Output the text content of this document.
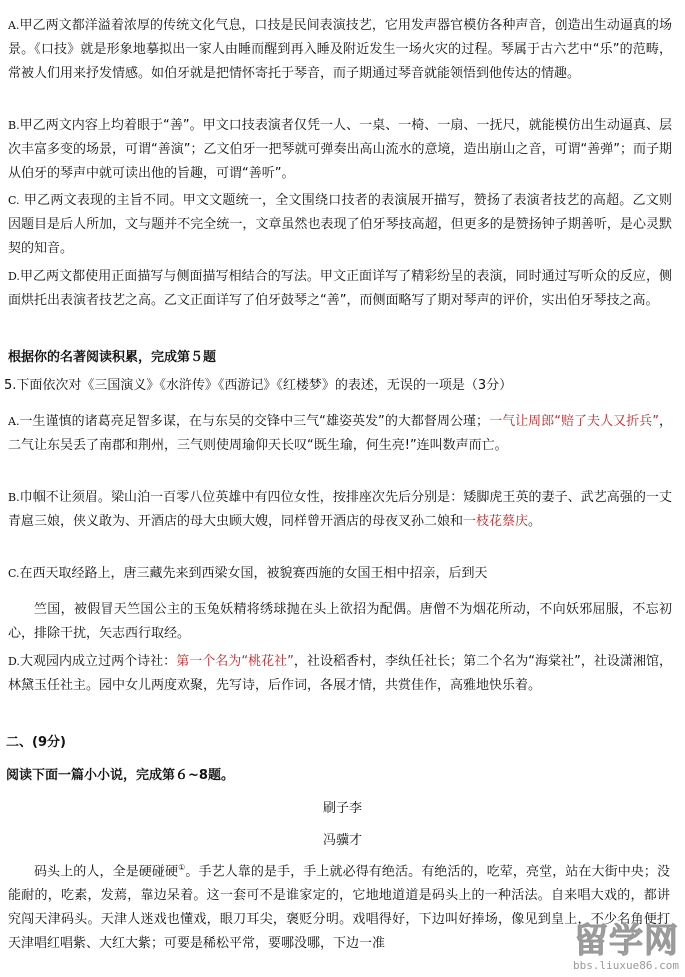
A.甲乙两文都洋溢着浓厚的传统文化气息，口技是民间表演技艺，它用发声器官模仿各种声音，创造出生动逼真的场景。《口技》就是形象地摹拟出一家人由睡而醒到再入睡及附近发生一场火灾的过程。琴属于古六艺中“乐”的范畴，常被人们用来抒发情感。如伯牙就是把情怀寄托于琴音，而子期通过琴音就能领悟到他传达的情趣。

B.甲乙两文内容上均着眼于“善”。甲文口技表演者仅凭一人、一桌、一椅、一扇、一抚尺，就能模仿出生动逼真、层次丰富多变的场景，可谓“善演”；乙文伯牙一把琴就可弹奏出高山流水的意境，造出崩山之音，可谓“善弹”；而子期从伯牙的琴声中就可读出他的旨趣，可谓“善听”。

C. 甲乙两文表现的主旨不同。甲文文题统一，全文围绕口技者的表演展开描写，赞扬了表演者技艺的高超。乙文则因题目是后人所加，文与题并不完全统一，文章虽然也表现了伯牙琴技高超，但更多的是赞扬钟子期善听，是心灵默契的知音。

D.甲乙两文都使用正面描写与侧面描写相结合的写法。甲文正面详写了精彩纷呈的表演，同时通过写听众的反应，侧面烘托出表演者技艺之高。乙文正面详写了伯牙鼓琴之“善”，而侧面略写了期对琴声的评价，实出伯牙琴技之高。

根据你的名著阅读积累，完成第５题
5.下面依次对《三国演义》《水浒传》《西游记》《红楼梦》的表述，无误的一项是（3分）

A.一生谨慎的诸葛亮足智多谋，在与东吴的交锋中三气“雄姿英发”的大都督周公瑾；一气让周郎“赔了夫人又折兵”，二气让东吴丢了南郡和荆州，三气则使周瑜仰天长叹“既生瑜，何生亮!”连叫数声而亡。

B.巾帼不让须眉。梁山泊一百零八位英雄中有四位女性，按排座次先后分别是：矮脚虎王英的妻子、武艺高强的一丈青扈三娘，侠义敢为、开酒店的母大虫顾大嫂，同样曾开酒店的母夜叉孙二娘和一枝花蔡庆。

C.在西天取经路上，唐三藏先来到西梁女国，被貌赛西施的女国王相中招亲，后到天

竺国，被假冒天竺国公主的玉兔妖精将绣球抛在头上欲招为配偶。唐僧不为烟花所动，不向妖邪屈服，不忘初心，排除干扰，矢志西行取经。

D.大观园内成立过两个诗社：第一个名为“桃花社”，社设稻香村，李纨任社长；第二个名为“海棠社”，社设潇湘馆，林黛玉任社主。园中女儿两度欢聚，先写诗，后作词，各展才情，共赏佳作，高雅地快乐着。

二、(9分)
阅读下面一篇小小说，完成第６~8题。
刷子李
冯骥才
码头上的人，全是硬碰硬①。手艺人靠的是手，手上就必得有绝活。有绝活的，吃荤，亮堂，站在大街中央；没能耐的，吃素，发蔫，靠边呆着。这一套可不是谁家定的，它地地道道是码头上的一种活法。自来唱大戏的，都讲究闯天津码头。天津人迷戏也懂戏，眼刀耳尖，褒贬分明。戏唱得好，下边叫好捧场，像见到皇上，不少名角便打天津唱红唱紫、大红大紫；可要是稀松平常，要哪没哪，下边一准	留学网
bbs.liuxue86.com
